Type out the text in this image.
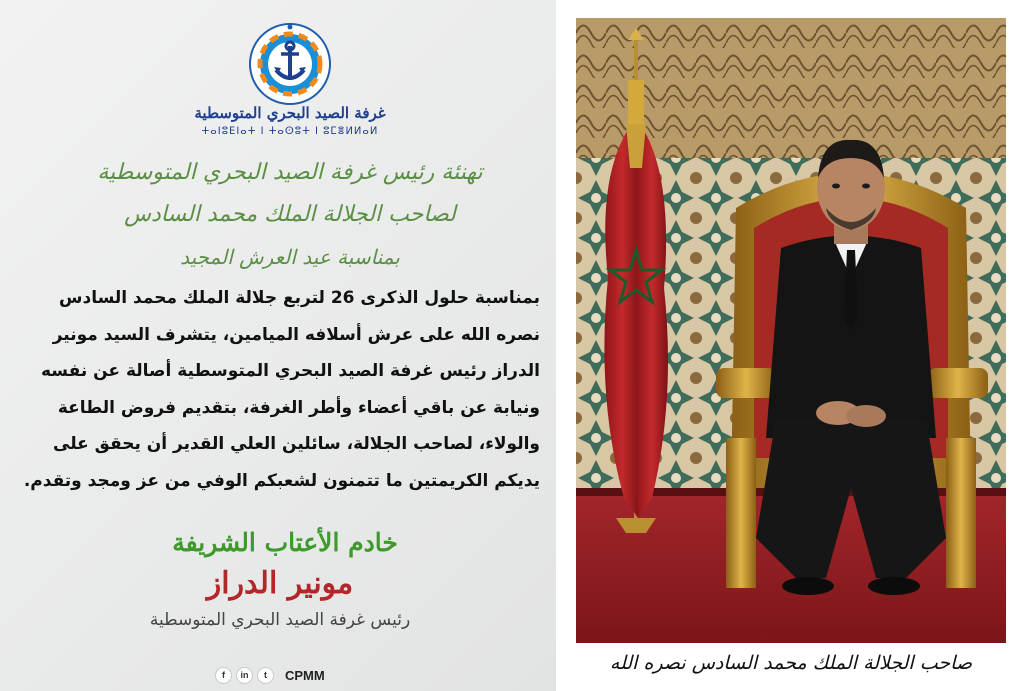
غرفة الصيد البحري المتوسطية
ⵜⴰⵏⵓⴹⵏⴰⵜ ⵏ ⵜⴰⵙⵓⵜ ⵏ ⵓⵎⴻⵍⵍⴰⵍ
تهنئة رئيس غرفة الصيد البحري المتوسطية
لصاحب الجلالة الملك محمد السادس
بمناسبة عيد العرش المجيد
بمناسبة حلول الذكرى 26 لتربع جلالة الملك محمد السادس
نصره الله على عرش أسلافه الميامين، يتشرف السيد مونير
الدراز رئيس غرفة الصيد البحري المتوسطية أصالة عن نفسه
ونيابة عن باقي أعضاء وأطر الغرفة، بتقديم فروض الطاعة
والولاء، لصاحب الجلالة، سائلين العلي القدير أن يحقق على
يديكم الكريمتين ما تتمنون لشعبكم الوفي من عز ومجد وتقدم.
خادم الأعتاب الشريفة
مونير الدراز
رئيس غرفة الصيد البحري المتوسطية
f	in	t	CPMM
صاحب الجلالة الملك محمد السادس نصره الله
